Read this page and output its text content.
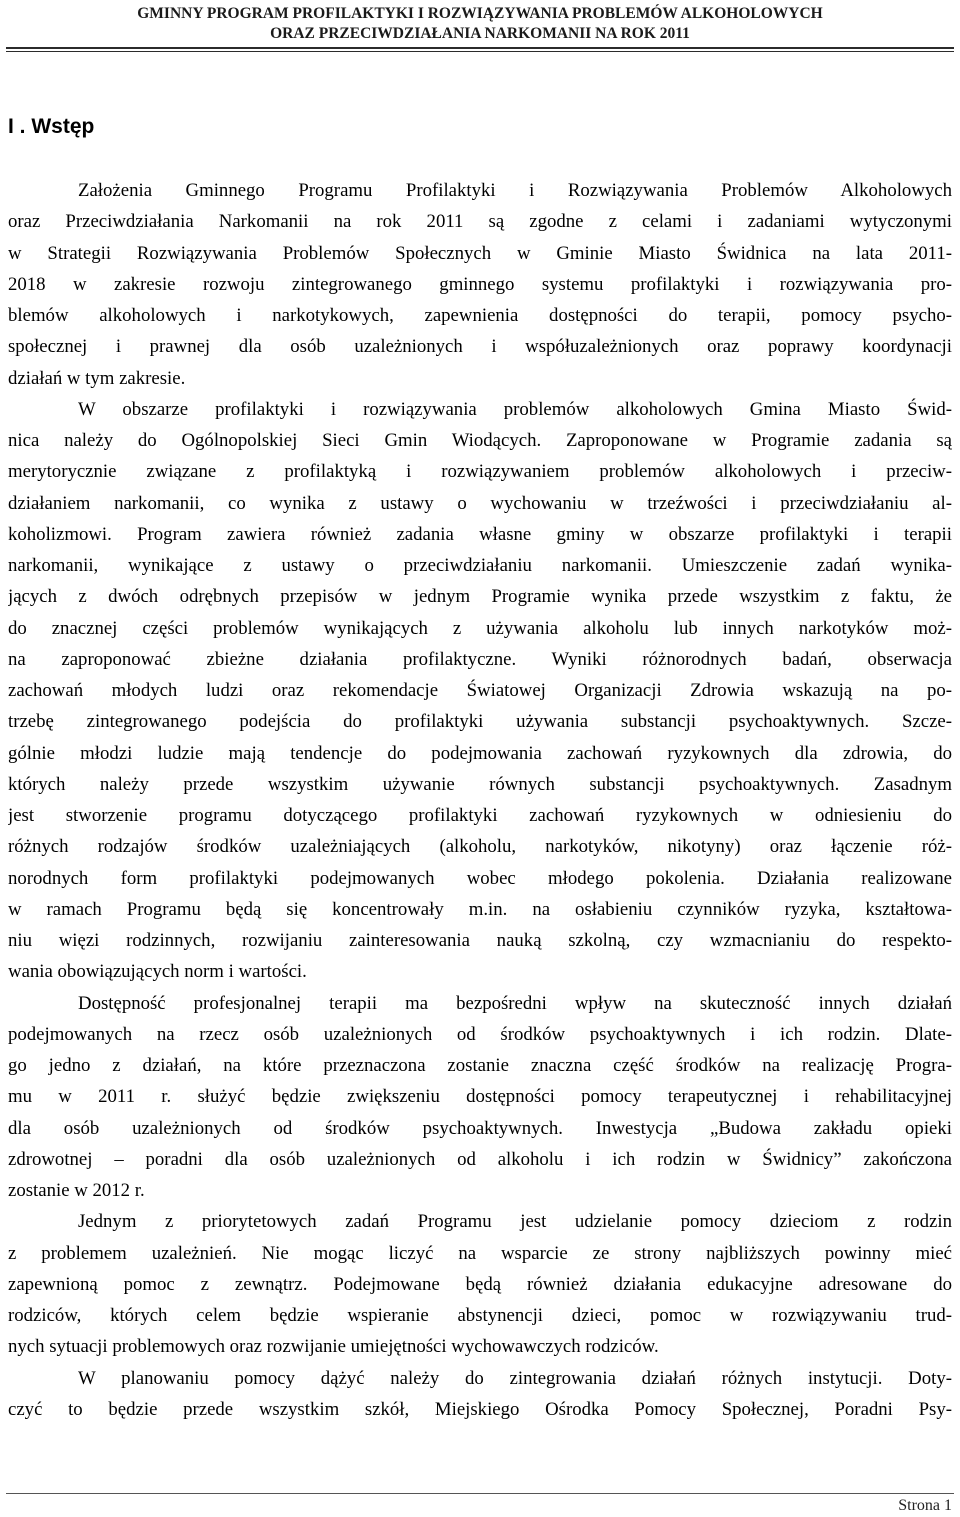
GMINNY PROGRAM PROFILAKTYKI I ROZWIĄZYWANIA PROBLEMÓW ALKOHOLOWYCH
ORAZ PRZECIWDZIAŁANIA NARKOMANII NA ROK 2011
I . Wstęp
Założenia Gminnego Programu Profilaktyki i Rozwiązywania Problemów Alkoholowych
oraz Przeciwdziałania Narkomanii na rok 2011 są zgodne z celami i zadaniami wytyczonymi
w Strategii Rozwiązywania Problemów Społecznych w Gminie Miasto Świdnica na lata 2011-
2018 w zakresie rozwoju zintegrowanego gminnego systemu profilaktyki i rozwiązywania pro-
blemów alkoholowych i narkotykowych, zapewnienia dostępności do terapii, pomocy psycho-
społecznej i prawnej dla osób uzależnionych i współuzależnionych oraz poprawy koordynacji
działań w tym zakresie.
W obszarze profilaktyki i rozwiązywania problemów alkoholowych Gmina Miasto Świd-
nica należy do Ogólnopolskiej Sieci Gmin Wiodących. Zaproponowane w Programie zadania są
merytorycznie związane z profilaktyką i rozwiązywaniem problemów alkoholowych i przeciw-
działaniem narkomanii, co wynika z ustawy o wychowaniu w trzeźwości i przeciwdziałaniu al-
koholizmowi. Program zawiera również zadania własne gminy w obszarze profilaktyki i terapii
narkomanii, wynikające z ustawy o przeciwdziałaniu narkomanii. Umieszczenie zadań wynika-
jących z dwóch odrębnych przepisów w jednym Programie wynika przede wszystkim z faktu, że
do znacznej części problemów wynikających z używania alkoholu lub innych narkotyków moż-
na zaproponować zbieżne działania profilaktyczne. Wyniki różnorodnych badań, obserwacja
zachowań młodych ludzi oraz rekomendacje Światowej Organizacji Zdrowia wskazują na po-
trzebę zintegrowanego podejścia do profilaktyki używania substancji psychoaktywnych. Szcze-
gólnie młodzi ludzie mają tendencje do podejmowania zachowań ryzykownych dla zdrowia, do
których należy przede wszystkim używanie równych substancji psychoaktywnych. Zasadnym
jest stworzenie programu dotyczącego profilaktyki zachowań ryzykownych w odniesieniu do
różnych rodzajów środków uzależniających (alkoholu, narkotyków, nikotyny) oraz łączenie róż-
norodnych form profilaktyki podejmowanych wobec młodego pokolenia. Działania realizowane
w ramach Programu będą się koncentrowały m.in. na osłabieniu czynników ryzyka, kształtowa-
niu więzi rodzinnych, rozwijaniu zainteresowania nauką szkolną, czy wzmacnianiu do respekto-
wania obowiązujących norm i wartości.
Dostępność profesjonalnej terapii ma bezpośredni wpływ na skuteczność innych działań
podejmowanych na rzecz osób uzależnionych od środków psychoaktywnych i ich rodzin. Dlate-
go jedno z działań, na które przeznaczona zostanie znaczna część środków na realizację Progra-
mu w 2011 r. służyć będzie zwiększeniu dostępności pomocy terapeutycznej i rehabilitacyjnej
dla osób uzależnionych od środków psychoaktywnych. Inwestycja „Budowa zakładu opieki
zdrowotnej – poradni dla osób uzależnionych od alkoholu i ich rodzin w Świdnicy” zakończona
zostanie w 2012 r.
Jednym z priorytetowych zadań Programu jest udzielanie pomocy dzieciom z rodzin
z problemem uzależnień. Nie mogąc liczyć na wsparcie ze strony najbliższych powinny mieć
zapewnioną pomoc z zewnątrz. Podejmowane będą również działania edukacyjne adresowane do
rodziców, których celem będzie wspieranie abstynencji dzieci, pomoc w rozwiązywaniu trud-
nych sytuacji problemowych oraz rozwijanie umiejętności wychowawczych rodziców.
W planowaniu pomocy dążyć należy do zintegrowania działań różnych instytucji. Doty-
czyć to będzie przede wszystkim szkół, Miejskiego Ośrodka Pomocy Społecznej, Poradni Psy-
Strona 1
